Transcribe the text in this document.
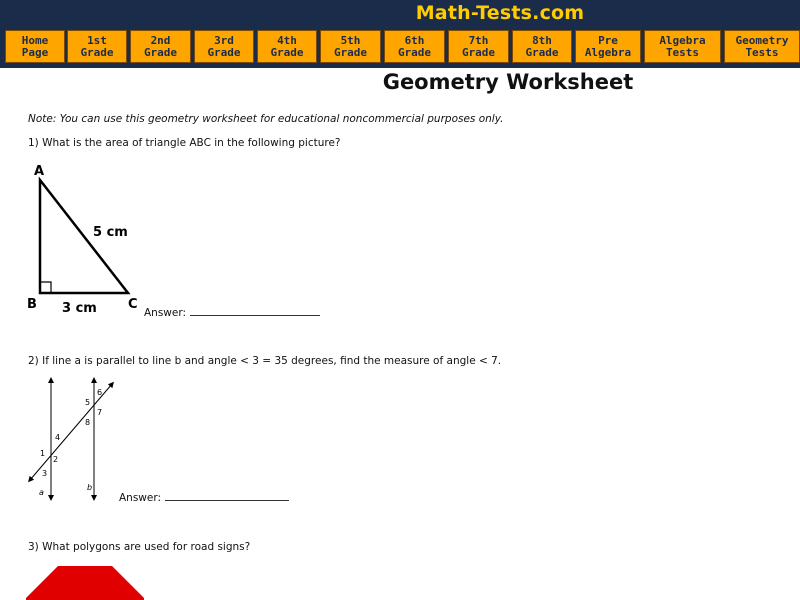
Math-Tests.com
Home
Page
1st
Grade
2nd
Grade
3rd
Grade
4th
Grade
5th
Grade
6th
Grade
7th
Grade
8th
Grade
Pre
Algebra
Algebra
Tests
Geometry
Tests
Geometry Worksheet
Note: You can use this geometry worksheet for educational noncommercial purposes only.
1) What is the area of triangle ABC in the following picture?
A
B	C
5 cm
3 cm	Answer:
2) If line a is parallel to line b and angle < 3 = 35 degrees, find the measure of angle < 7.
a
b
1
2
3
4
5
6
7
8
Answer:
3) What polygons are used for road signs?
